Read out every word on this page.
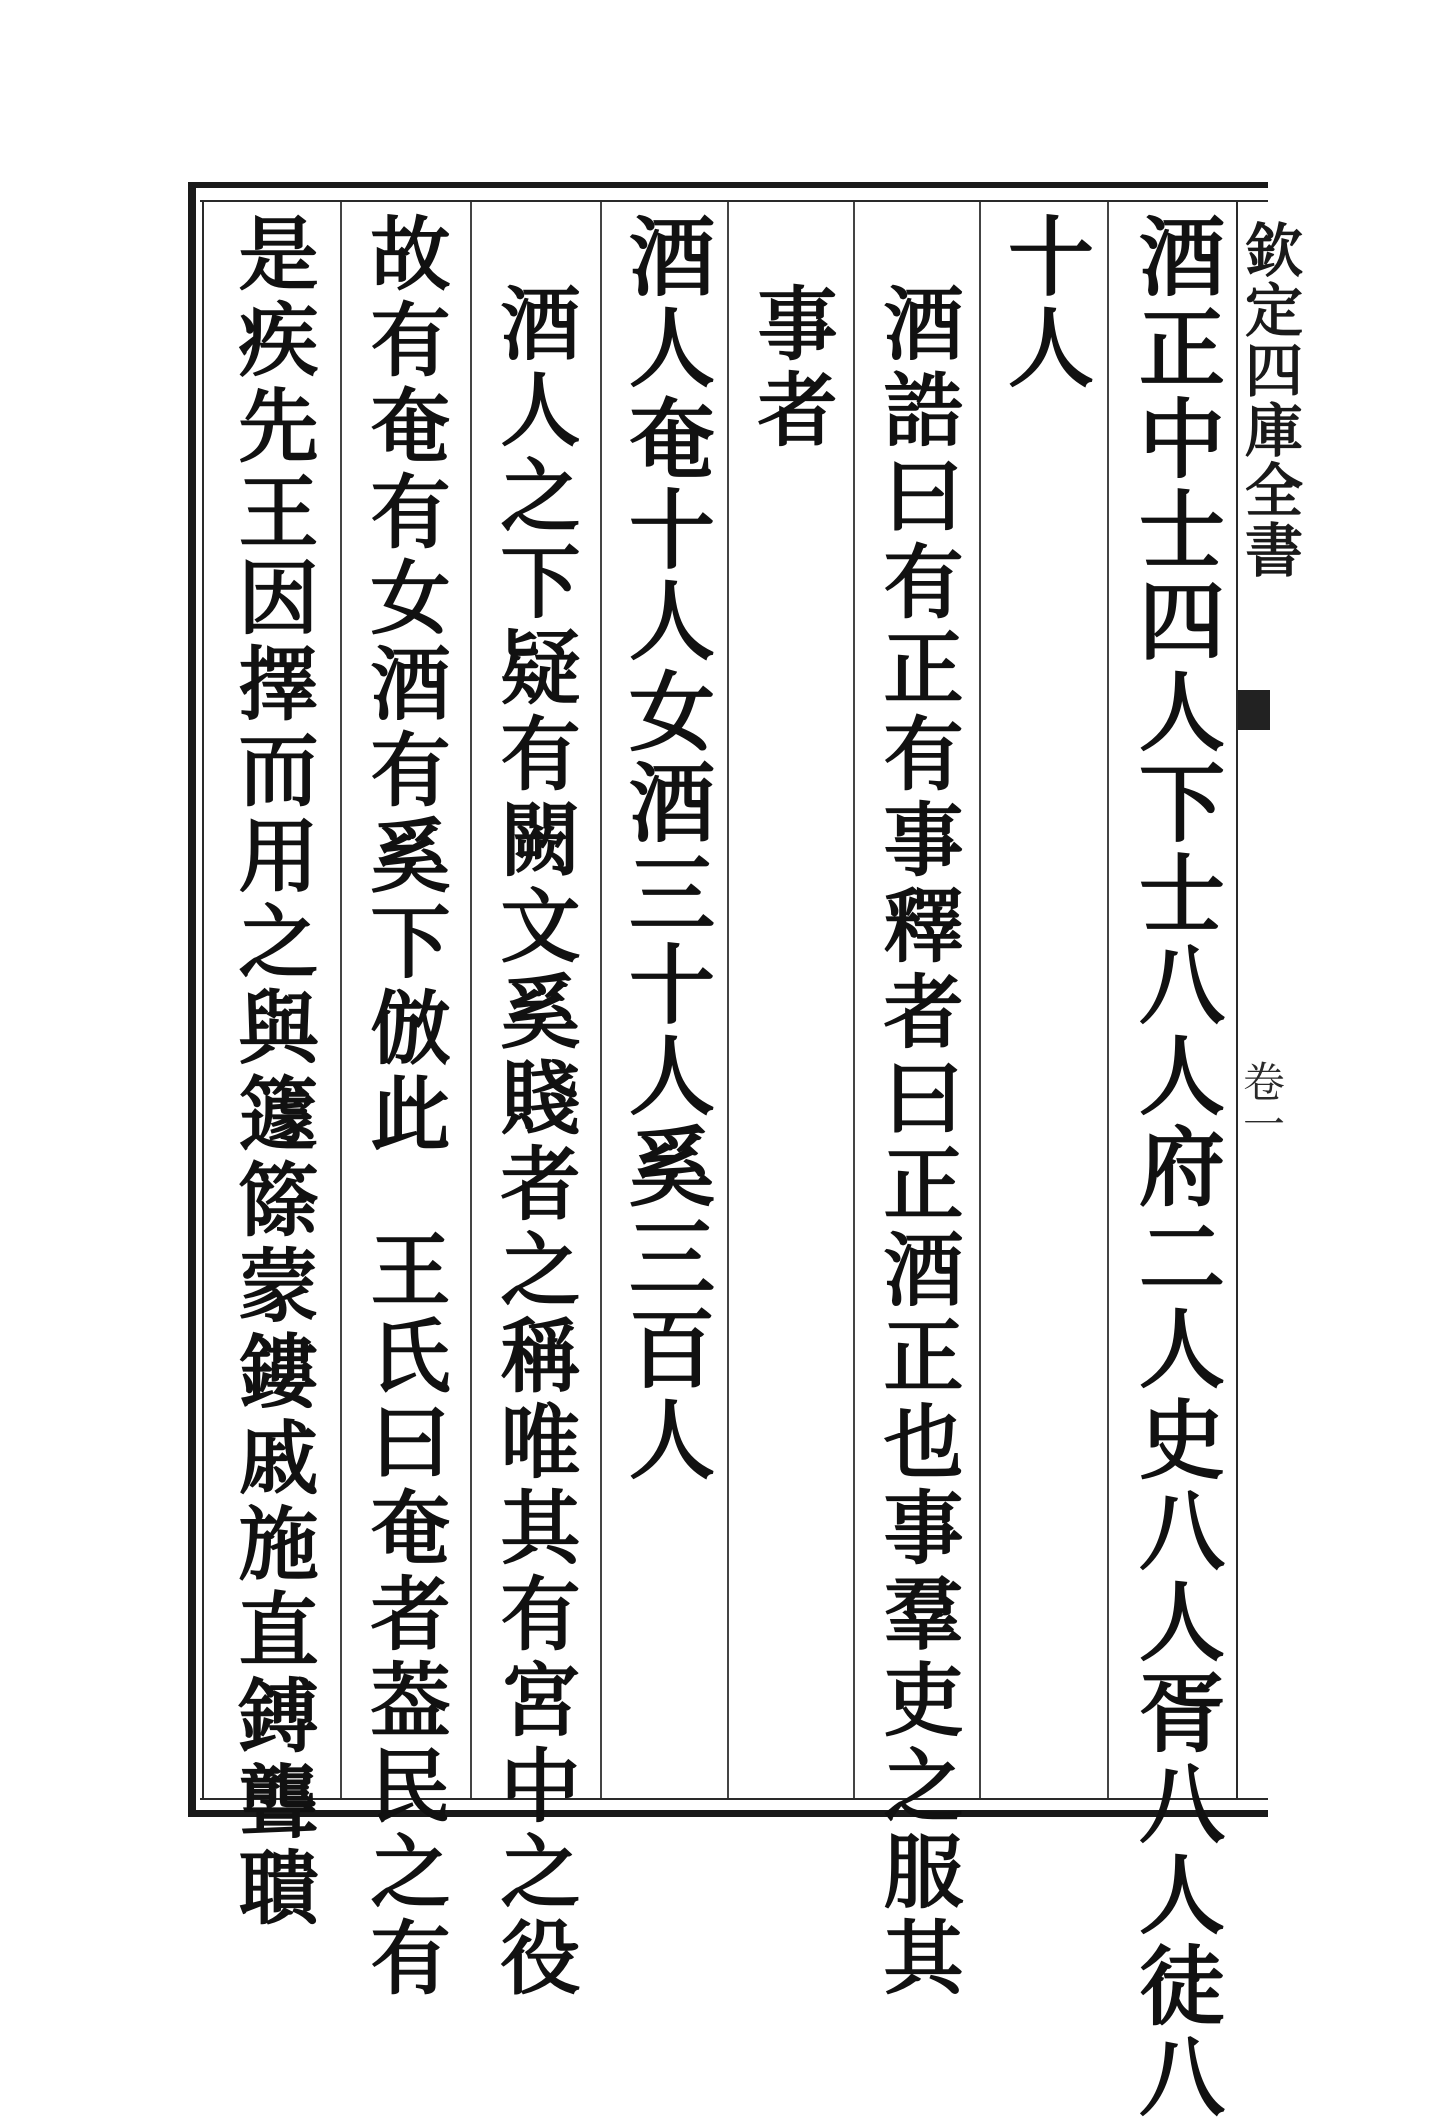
欽定四庫全書
卷一
酒正中士四人下士八人府二人史八人胥八人徒八
十人
酒誥曰有正有事釋者曰正酒正也事羣吏之服其
事者
酒人奄十人女酒三十人奚三百人
酒人之下疑有闕文奚賤者之稱唯其有宮中之役
故有奄有女酒有奚下倣此
王氏曰奄者葢民之有
是疾先王因擇而用之與籧篨蒙鏤戚施直鎛聾聵
